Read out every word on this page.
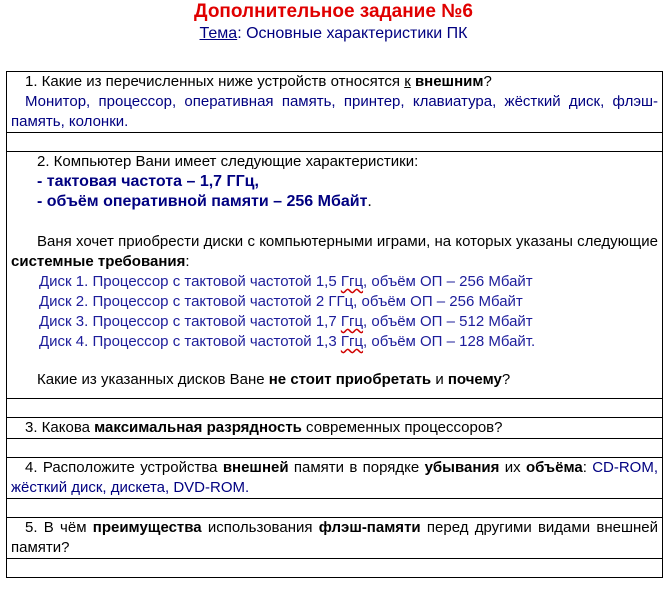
Дополнительное задание №6
Тема: Основные характеристики ПК
1. Какие из перечисленных ниже устройств относятся к внешним?
Монитор, процессор, оперативная память, принтер, клавиатура, жёсткий диск, флэш-память, колонки.

2. Компьютер Вани имеет следующие характеристики:
- тактовая частота – 1,7 ГГц,
- объём оперативной памяти – 256 Мбайт.
Ваня хочет приобрести диски с компьютерными играми, на которых указаны следующие системные требования:
Диск 1. Процессор с тактовой частотой 1,5 Ггц, объём ОП – 256 Мбайт
Диск 2. Процессор с тактовой частотой 2 ГГц, объём ОП – 256 Мбайт
Диск 3. Процессор с тактовой частотой 1,7 Ггц, объём ОП – 512 Мбайт
Диск 4. Процессор с тактовой частотой 1,3 Ггц, объём ОП – 128 Мбайт.
Какие из указанных дисков Ване не стоит приобретать и почему?

3. Какова максимальная разрядность современных процессоров?

4. Расположите устройства внешней памяти в порядке убывания их объёма: CD-ROM, жёсткий диск, дискета, DVD-ROM.

5. В чём преимущества использования флэш-памяти перед другими видами внешней памяти?
